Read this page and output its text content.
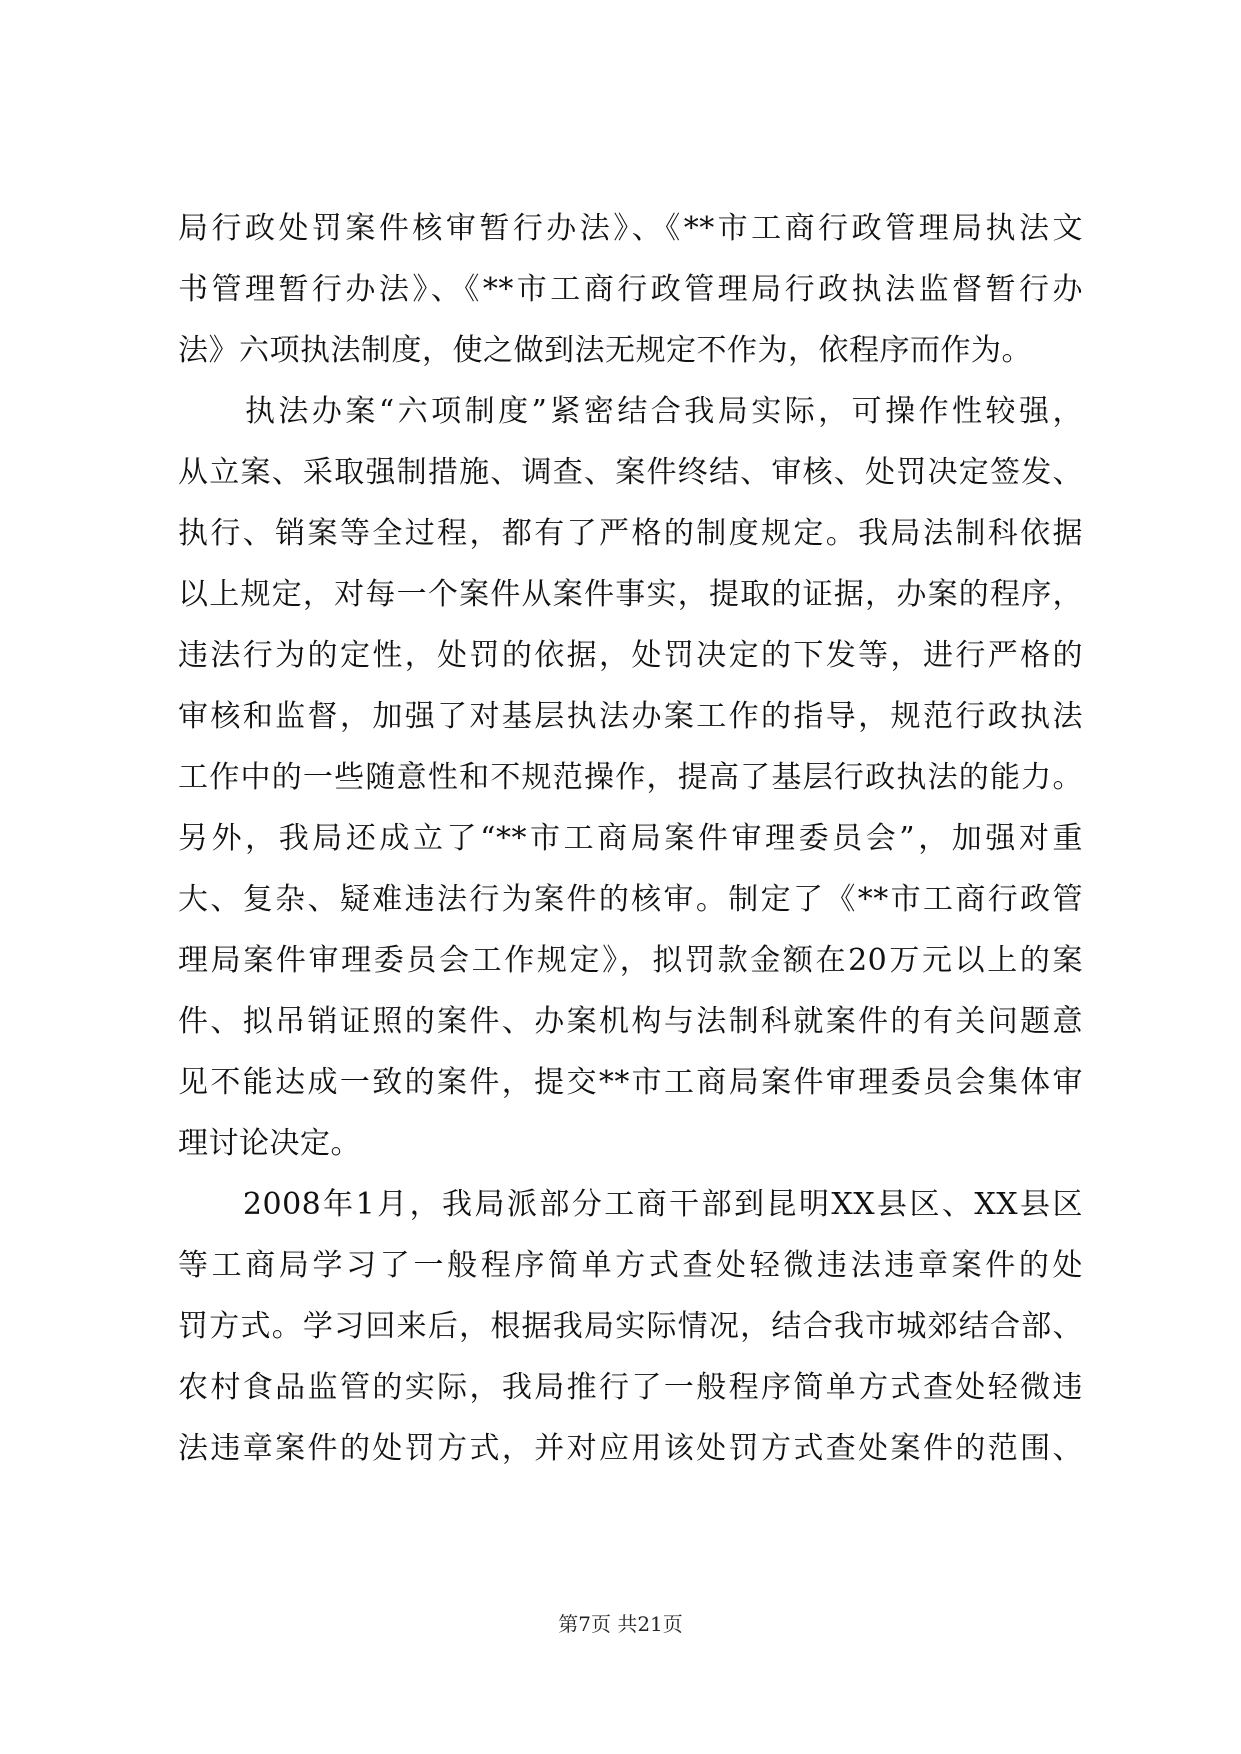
局行政处罚案件核审暂行办法》、《**市工商行政管理局执法文
书管理暂行办法》、《**市工商行政管理局行政执法监督暂行办
法》六项执法制度，使之做到法无规定不作为，依程序而作为。
　　执法办案“六项制度”紧密结合我局实际，可操作性较强，
从立案、采取强制措施、调查、案件终结、审核、处罚决定签发、
执行、销案等全过程，都有了严格的制度规定。我局法制科依据
以上规定，对每一个案件从案件事实，提取的证据，办案的程序，
违法行为的定性，处罚的依据，处罚决定的下发等，进行严格的
审核和监督，加强了对基层执法办案工作的指导，规范行政执法
工作中的一些随意性和不规范操作，提高了基层行政执法的能力。
另外，我局还成立了“**市工商局案件审理委员会”，加强对重
大、复杂、疑难违法行为案件的核审。制定了《**市工商行政管
理局案件审理委员会工作规定》，拟罚款金额在20万元以上的案
件、拟吊销证照的案件、办案机构与法制科就案件的有关问题意
见不能达成一致的案件，提交**市工商局案件审理委员会集体审
理讨论决定。
　　2008年1月，我局派部分工商干部到昆明XX县区、XX县区
等工商局学习了一般程序简单方式查处轻微违法违章案件的处
罚方式。学习回来后，根据我局实际情况，结合我市城郊结合部、
农村食品监管的实际，我局推行了一般程序简单方式查处轻微违
法违章案件的处罚方式，并对应用该处罚方式查处案件的范围、
第7页 共21页
